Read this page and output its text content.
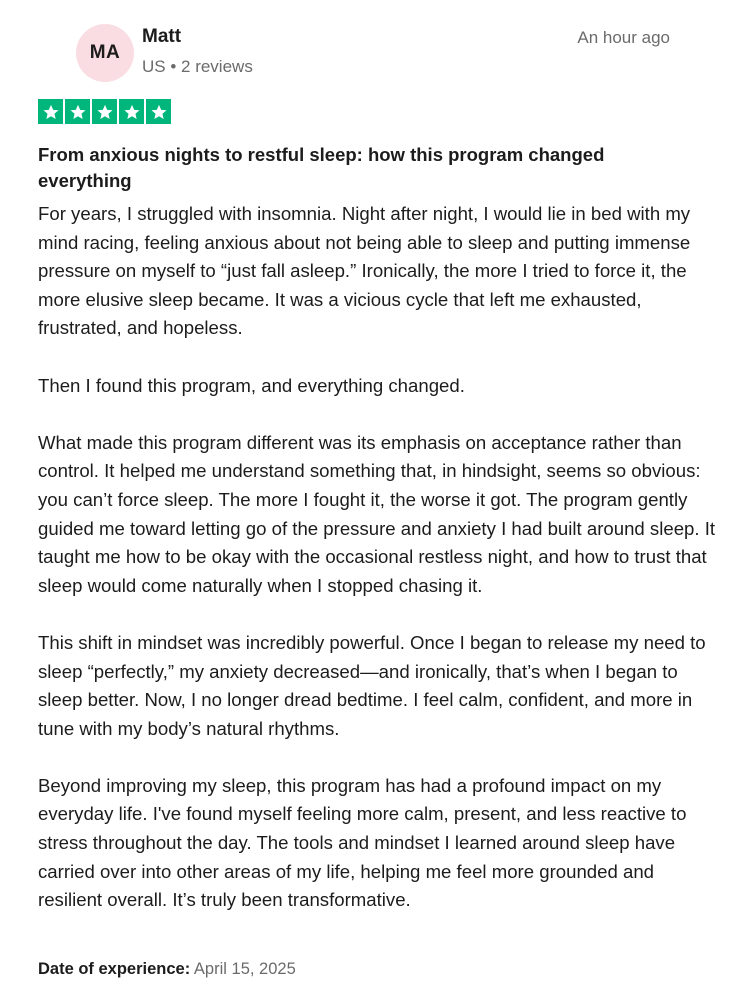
MA
Matt
US • 2 reviews
An hour ago
From anxious nights to restful sleep: how this program changed everything

For years, I struggled with insomnia. Night after night, I would lie in bed with my mind racing, feeling anxious about not being able to sleep and putting immense pressure on myself to “just fall asleep.” Ironically, the more I tried to force it, the more elusive sleep became. It was a vicious cycle that left me exhausted, frustrated, and hopeless.

Then I found this program, and everything changed.

What made this program different was its emphasis on acceptance rather than control. It helped me understand something that, in hindsight, seems so obvious: you can’t force sleep. The more I fought it, the worse it got. The program gently guided me toward letting go of the pressure and anxiety I had built around sleep. It taught me how to be okay with the occasional restless night, and how to trust that sleep would come naturally when I stopped chasing it.

This shift in mindset was incredibly powerful. Once I began to release my need to sleep “perfectly,” my anxiety decreased—and ironically, that’s when I began to sleep better. Now, I no longer dread bedtime. I feel calm, confident, and more in tune with my body’s natural rhythms.

Beyond improving my sleep, this program has had a profound impact on my everyday life. I've found myself feeling more calm, present, and less reactive to stress throughout the day. The tools and mindset I learned around sleep have carried over into other areas of my life, helping me feel more grounded and resilient overall. It’s truly been transformative.

Date of experience: April 15, 2025
